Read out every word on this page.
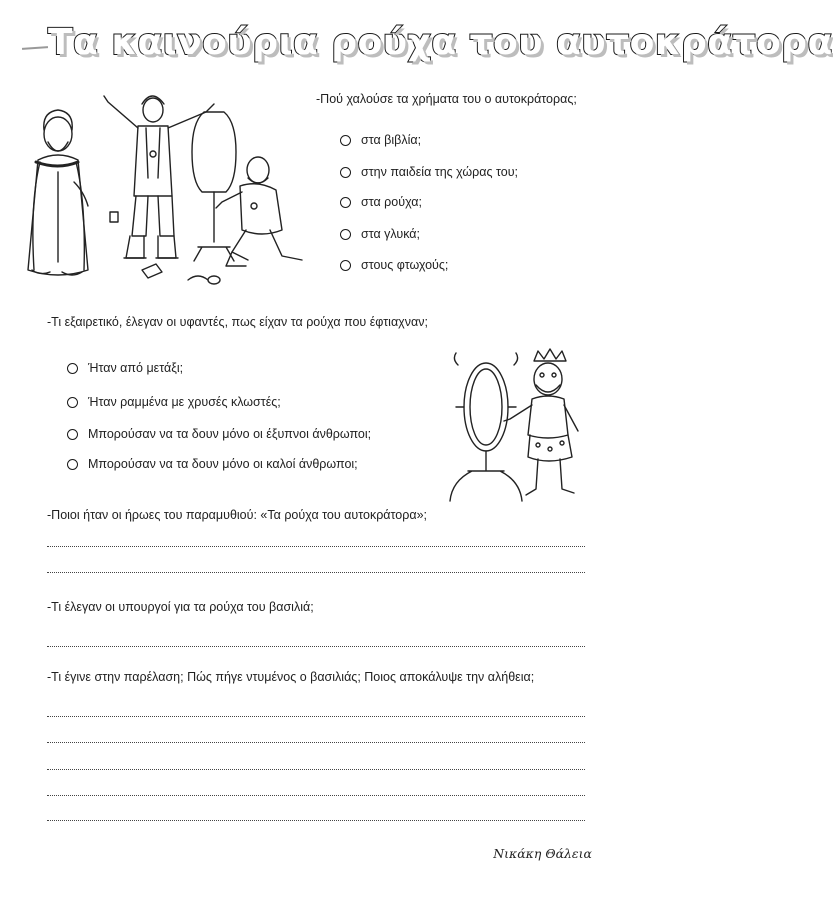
Τα καινούρια ρούχα του αυτοκράτορα
-Πού χαλούσε τα χρήματα του ο αυτοκράτορας;
στα βιβλία;
στην παιδεία της χώρας του;
στα ρούχα;
στα γλυκά;
στους φτωχούς;
-Τι εξαιρετικό, έλεγαν οι υφαντές, πως είχαν τα ρούχα που έφτιαχναν;
Ήταν από μετάξι;
Ήταν ραμμένα με χρυσές κλωστές;
Μπορούσαν να τα δουν μόνο οι έξυπνοι άνθρωποι;
Μπορούσαν να τα δουν μόνο οι καλοί άνθρωποι;
-Ποιοι ήταν οι ήρωες του παραμυθιού: «Τα ρούχα του αυτοκράτορα»;
-Τι έλεγαν οι υπουργοί για τα ρούχα του βασιλιά;
-Τι έγινε στην παρέλαση; Πώς πήγε ντυμένος ο βασιλιάς; Ποιος αποκάλυψε την αλήθεια;
Νικάκη Θάλεια
